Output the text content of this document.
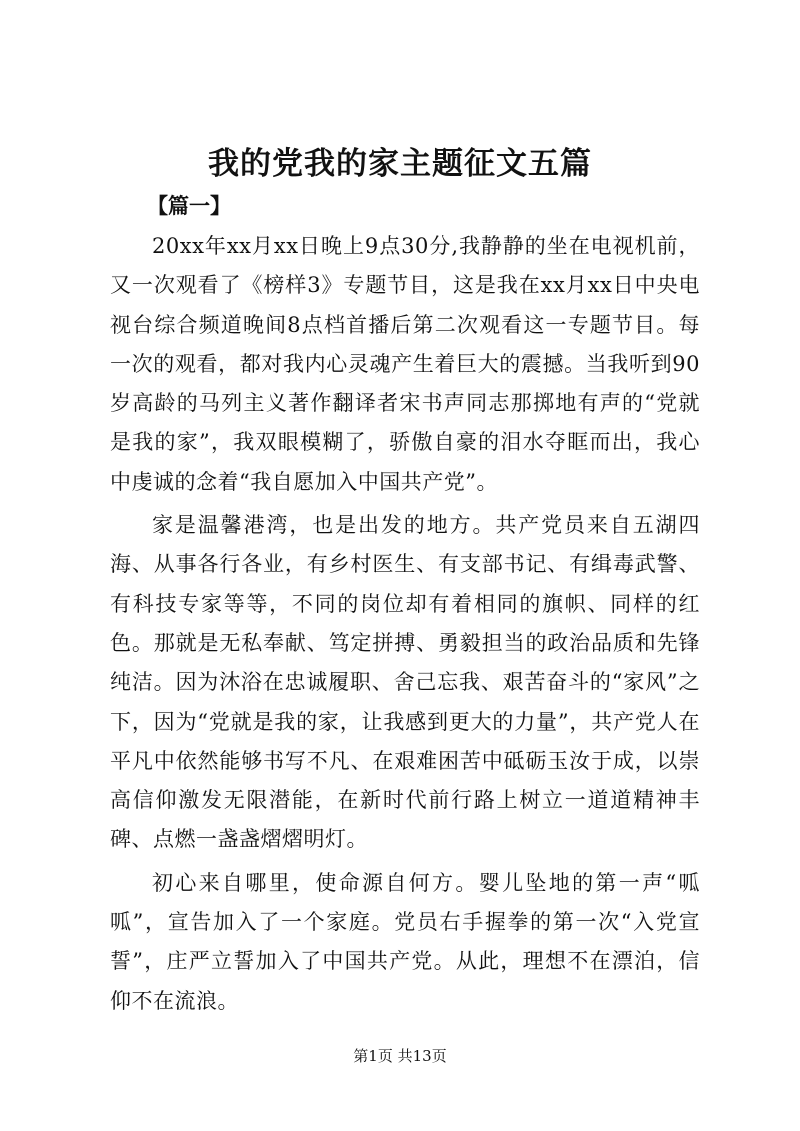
我的党我的家主题征文五篇
【篇一】

20xx年xx月xx日晚上9点30分,我静静的坐在电视机前，又一次观看了《榜样3》专题节目，这是我在xx月xx日中央电视台综合频道晚间8点档首播后第二次观看这一专题节目。每一次的观看，都对我内心灵魂产生着巨大的震撼。当我听到90岁高龄的马列主义著作翻译者宋书声同志那掷地有声的“党就是我的家”，我双眼模糊了，骄傲自豪的泪水夺眶而出，我心中虔诚的念着“我自愿加入中国共产党”。

家是温馨港湾，也是出发的地方。共产党员来自五湖四海、从事各行各业，有乡村医生、有支部书记、有缉毒武警、有科技专家等等，不同的岗位却有着相同的旗帜、同样的红色。那就是无私奉献、笃定拼搏、勇毅担当的政治品质和先锋纯洁。因为沐浴在忠诚履职、舍己忘我、艰苦奋斗的“家风”之下，因为“党就是我的家，让我感到更大的力量”，共产党人在平凡中依然能够书写不凡、在艰难困苦中砥砺玉汝于成，以崇高信仰激发无限潜能，在新时代前行路上树立一道道精神丰碑、点燃一盏盏熠熠明灯。

初心来自哪里，使命源自何方。婴儿坠地的第一声“呱呱”，宣告加入了一个家庭。党员右手握拳的第一次“入党宣誓”，庄严立誓加入了中国共产党。从此，理想不在漂泊，信仰不在流浪。

第1页 共13页
